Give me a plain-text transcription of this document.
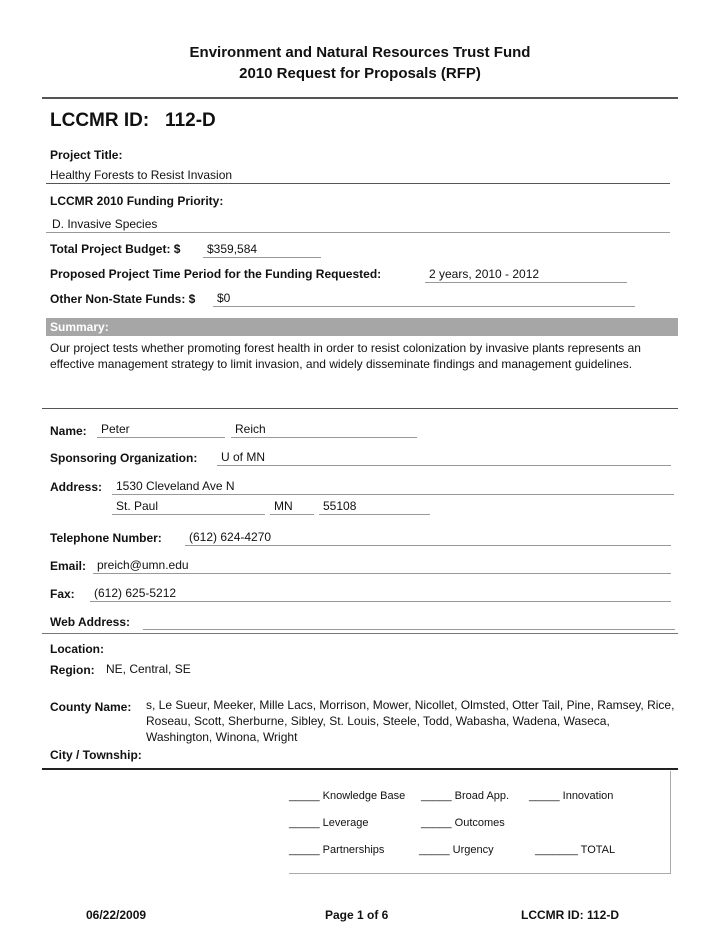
Environment and Natural Resources Trust Fund
2010 Request for Proposals (RFP)
LCCMR ID: 112-D
Project Title:
Healthy Forests to Resist Invasion
LCCMR 2010 Funding Priority:
D. Invasive Species
Total Project Budget: $ $359,584
Proposed Project Time Period for the Funding Requested:	2 years, 2010 - 2012
Other Non-State Funds: $ $0
Summary:
Our project tests whether promoting forest health in order to resist colonization by invasive plants represents an effective management strategy to limit invasion, and widely disseminate findings and management guidelines.
Name: Peter	Reich
Sponsoring Organization: U of MN
Address: 1530 Cleveland Ave N
St. Paul	MN	55108
Telephone Number: (612) 624-4270
Email: preich@umn.edu
Fax: (612) 625-5212
Web Address:
Location:
Region: NE, Central, SE
County Name: s, Le Sueur, Meeker, Mille Lacs, Morrison, Mower, Nicollet, Olmsted, Otter Tail, Pine, Ramsey, Rice, Roseau, Scott, Sherburne, Sibley, St. Louis, Steele, Todd, Wabasha, Wadena, Waseca, Washington, Winona, Wright
City / Township:
_____ Knowledge Base _____ Broad App. _____ Innovation
_____ Leverage	_____ Outcomes
_____ Partnerships	_____ Urgency	_______ TOTAL
06/22/2009	Page 1 of 6	LCCMR ID: 112-D
